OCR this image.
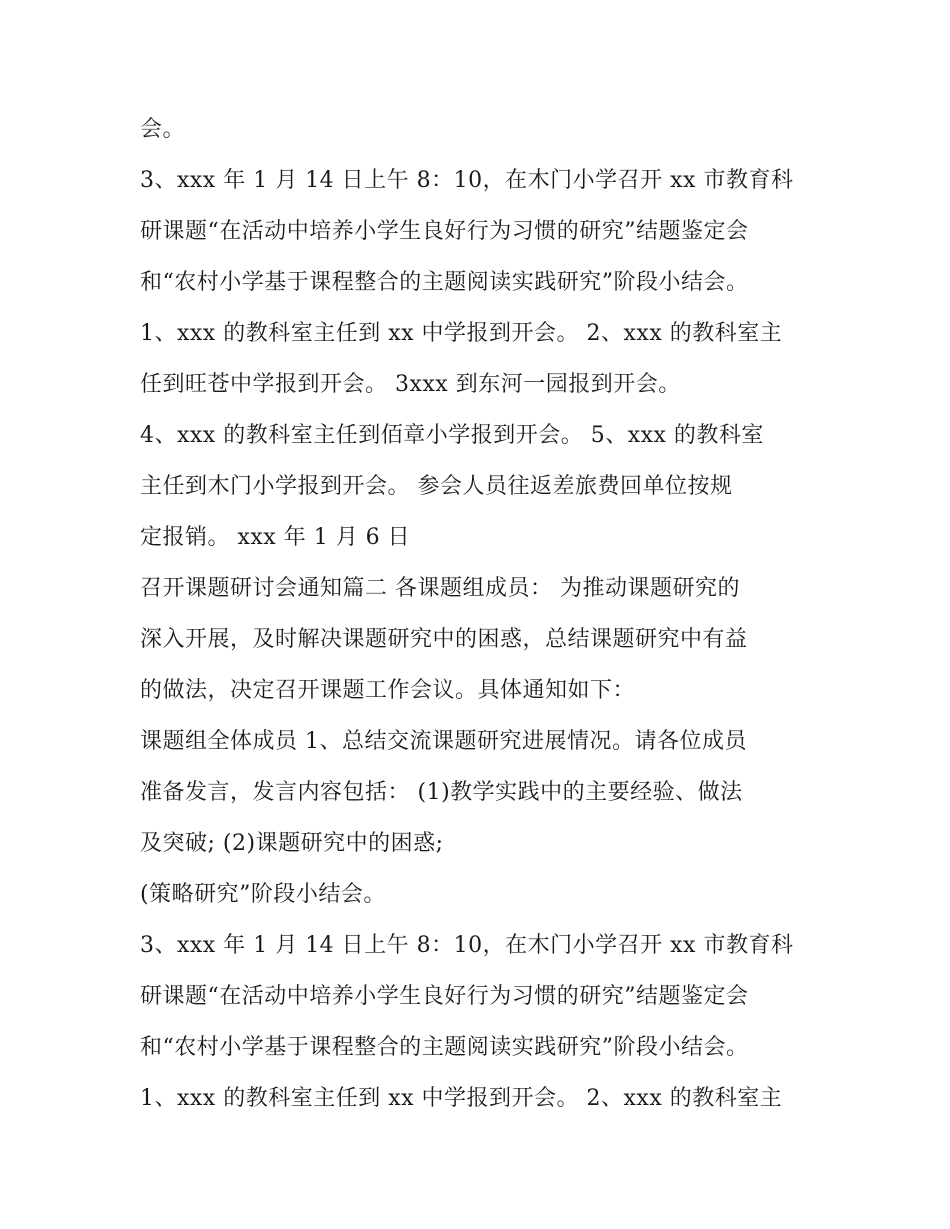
会。
3、xxx 年 1 月 14 日上午 8：10，在木门小学召开 xx 市教育科
研课题“在活动中培养小学生良好行为习惯的研究”结题鉴定会
和“农村小学基于课程整合的主题阅读实践研究”阶段小结会。
1、xxx 的教科室主任到 xx 中学报到开会。 2、xxx 的教科室主
任到旺苍中学报到开会。 3xxx 到东河一园报到开会。
4、xxx 的教科室主任到佰章小学报到开会。 5、xxx 的教科室
主任到木门小学报到开会。 参会人员往返差旅费回单位按规
定报销。 xxx 年 1 月 6 日
召开课题研讨会通知篇二 各课题组成员： 为推动课题研究的
深入开展，及时解决课题研究中的困惑，总结课题研究中有益
的做法，决定召开课题工作会议。具体通知如下：
课题组全体成员 1、总结交流课题研究进展情况。请各位成员
准备发言，发言内容包括： (1)教学实践中的主要经验、做法
及突破; (2)课题研究中的困惑;
(策略研究”阶段小结会。
3、xxx 年 1 月 14 日上午 8：10，在木门小学召开 xx 市教育科
研课题“在活动中培养小学生良好行为习惯的研究”结题鉴定会
和“农村小学基于课程整合的主题阅读实践研究”阶段小结会。
1、xxx 的教科室主任到 xx 中学报到开会。 2、xxx 的教科室主
